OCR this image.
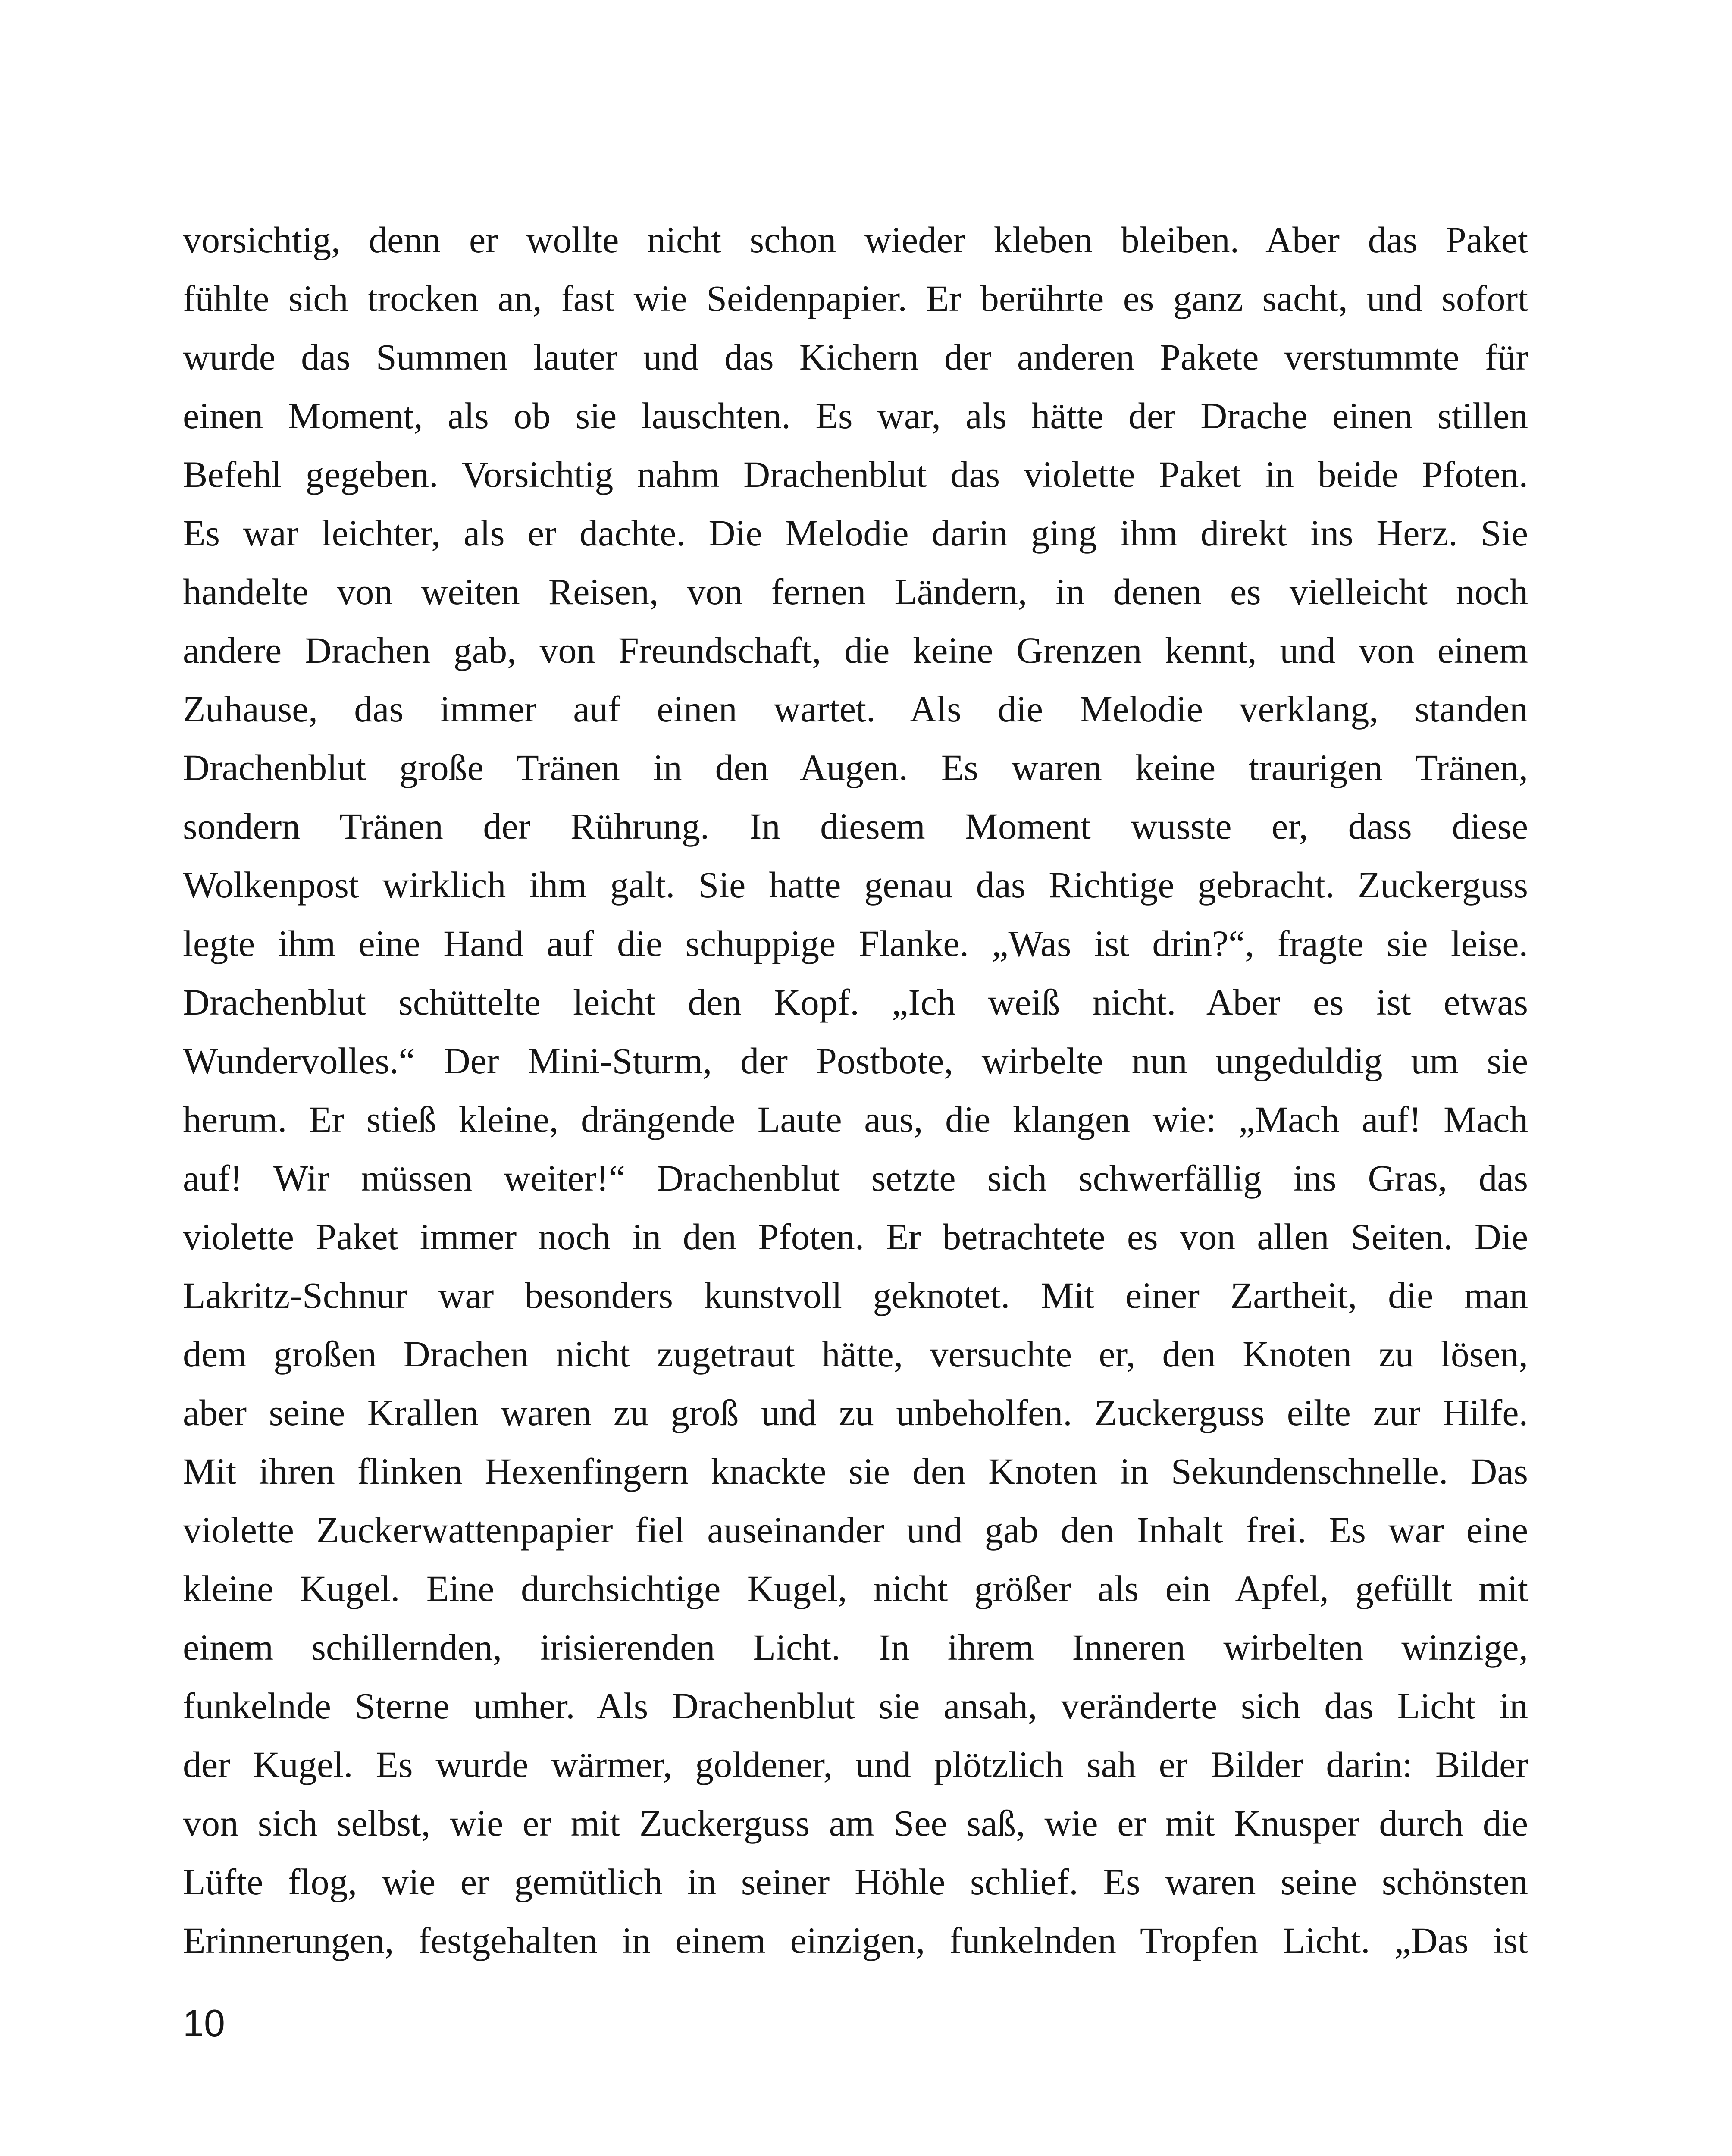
vorsichtig, denn er wollte nicht schon wieder kleben bleiben. Aber das Paket
fühlte sich trocken an, fast wie Seidenpapier. Er berührte es ganz sacht, und sofort
wurde das Summen lauter und das Kichern der anderen Pakete verstummte für
einen Moment, als ob sie lauschten. Es war, als hätte der Drache einen stillen
Befehl gegeben. Vorsichtig nahm Drachenblut das violette Paket in beide Pfoten.
Es war leichter, als er dachte. Die Melodie darin ging ihm direkt ins Herz. Sie
handelte von weiten Reisen, von fernen Ländern, in denen es vielleicht noch
andere Drachen gab, von Freundschaft, die keine Grenzen kennt, und von einem
Zuhause, das immer auf einen wartet. Als die Melodie verklang, standen
Drachenblut große Tränen in den Augen. Es waren keine traurigen Tränen,
sondern Tränen der Rührung. In diesem Moment wusste er, dass diese
Wolkenpost wirklich ihm galt. Sie hatte genau das Richtige gebracht. Zuckerguss
legte ihm eine Hand auf die schuppige Flanke. „Was ist drin?“, fragte sie leise.
Drachenblut schüttelte leicht den Kopf. „Ich weiß nicht. Aber es ist etwas
Wundervolles.“ Der Mini-Sturm, der Postbote, wirbelte nun ungeduldig um sie
herum. Er stieß kleine, drängende Laute aus, die klangen wie: „Mach auf! Mach
auf! Wir müssen weiter!“ Drachenblut setzte sich schwerfällig ins Gras, das
violette Paket immer noch in den Pfoten. Er betrachtete es von allen Seiten. Die
Lakritz-Schnur war besonders kunstvoll geknotet. Mit einer Zartheit, die man
dem großen Drachen nicht zugetraut hätte, versuchte er, den Knoten zu lösen,
aber seine Krallen waren zu groß und zu unbeholfen. Zuckerguss eilte zur Hilfe.
Mit ihren flinken Hexenfingern knackte sie den Knoten in Sekundenschnelle. Das
violette Zuckerwattenpapier fiel auseinander und gab den Inhalt frei. Es war eine
kleine Kugel. Eine durchsichtige Kugel, nicht größer als ein Apfel, gefüllt mit
einem schillernden, irisierenden Licht. In ihrem Inneren wirbelten winzige,
funkelnde Sterne umher. Als Drachenblut sie ansah, veränderte sich das Licht in
der Kugel. Es wurde wärmer, goldener, und plötzlich sah er Bilder darin: Bilder
von sich selbst, wie er mit Zuckerguss am See saß, wie er mit Knusper durch die
Lüfte flog, wie er gemütlich in seiner Höhle schlief. Es waren seine schönsten
Erinnerungen, festgehalten in einem einzigen, funkelnden Tropfen Licht. „Das ist
10
